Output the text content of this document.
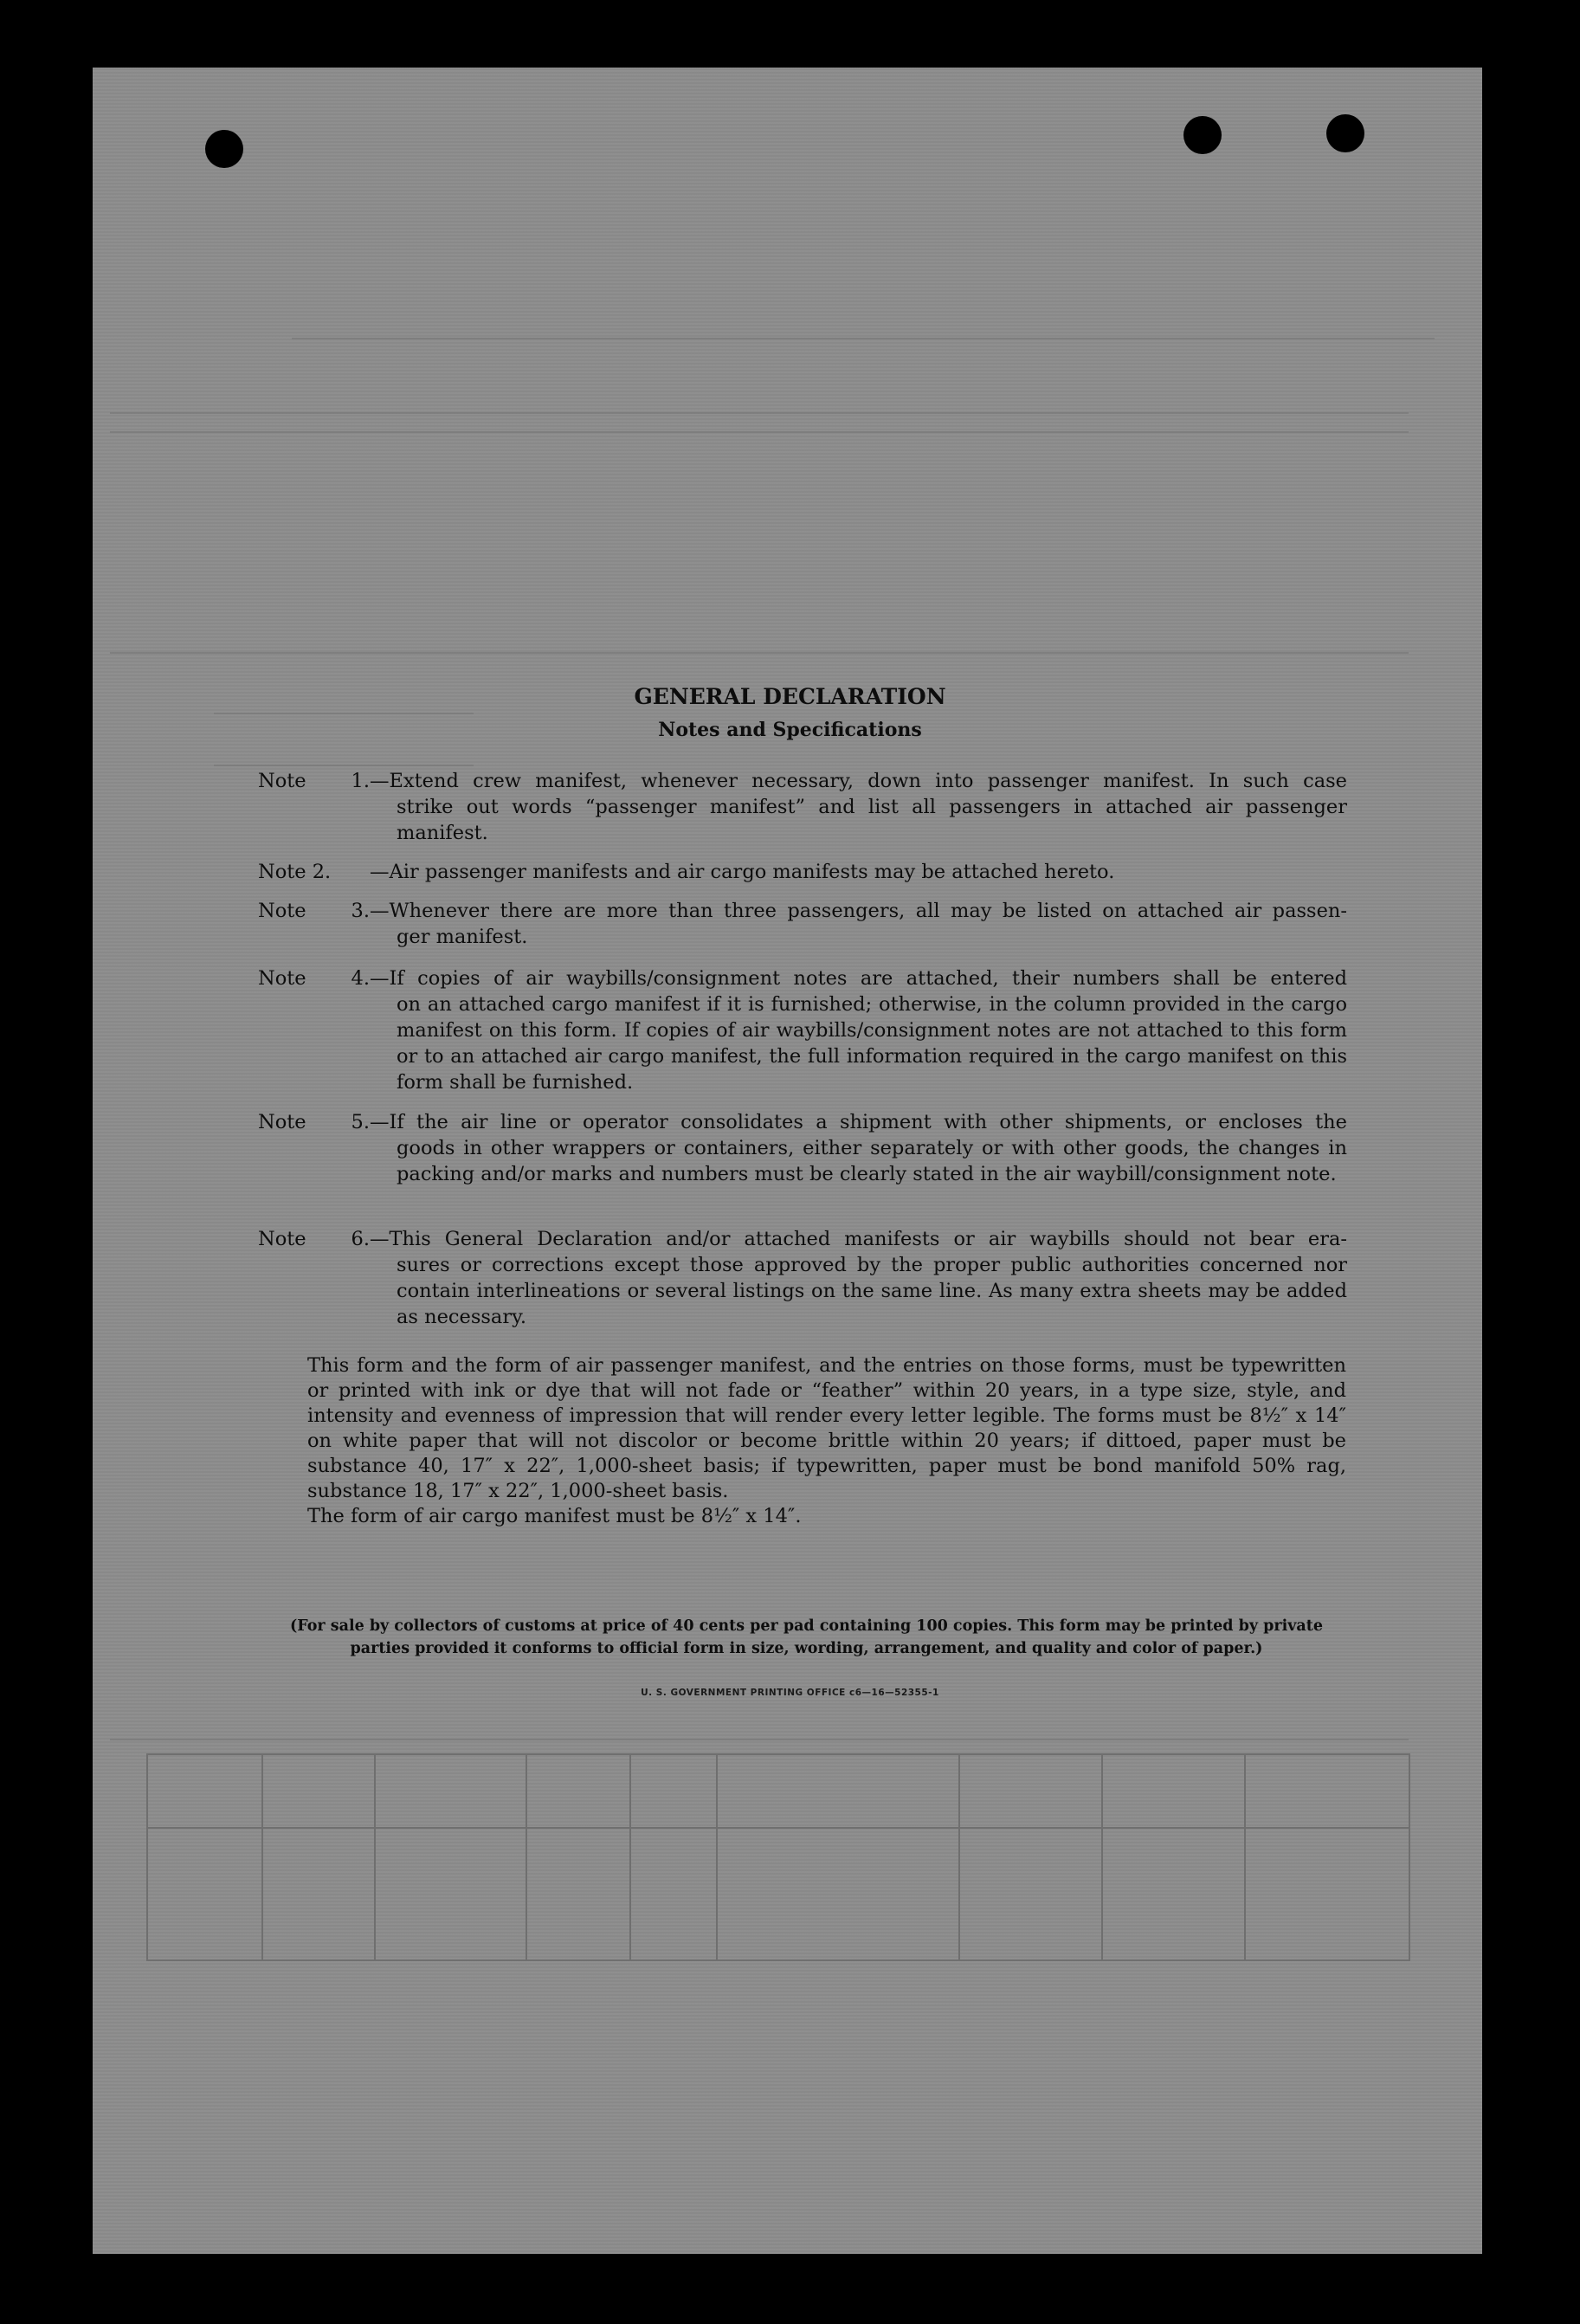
GENERAL DECLARATION
Notes and Specifications
Note 1.—Extend crew manifest, whenever necessary, down into passenger manifest. In such case
strike out words “passenger manifest” and list all passengers in attached air passenger manifest.
Note 2. —Air passenger manifests and air cargo manifests may be attached hereto.
Note 3.—Whenever there are more than three passengers, all may be listed on attached air passen-
ger manifest.
Note 4.—If copies of air waybills/consignment notes are attached, their numbers shall be entered
on an attached cargo manifest if it is furnished; otherwise, in the column provided in the cargo manifest on this form. If copies of air waybills/consignment notes are not attached to this form or to an attached air cargo manifest, the full information required in the cargo manifest on this form shall be furnished.
Note 5.—If the air line or operator consolidates a shipment with other shipments, or encloses the
goods in other wrappers or containers, either separately or with other goods, the changes in packing and/or marks and numbers must be clearly stated in the air waybill/consignment note.
Note 6.—This General Declaration and/or attached manifests or air waybills should not bear era-
sures or corrections except those approved by the proper public authorities concerned nor contain interlineations or several listings on the same line. As many extra sheets may be added as necessary.
This form and the form of air passenger manifest, and the entries on those forms, must be typewritten or printed with ink or dye that will not fade or “feather” within 20 years, in a type size, style, and intensity and evenness of impression that will render every letter legible. The forms must be 8½″ x 14″ on white paper that will not discolor or become brittle within 20 years; if dittoed, paper must be substance 40, 17″ x 22″, 1,000-sheet basis; if typewritten, paper must be bond manifold 50% rag, substance 18, 17″ x 22″, 1,000-sheet basis.
The form of air cargo manifest must be 8½″ x 14″.
(For sale by collectors of customs at price of 40 cents per pad containing 100 copies. This form may be printed by private parties provided it conforms to official form in size, wording, arrangement, and quality and color of paper.)
U. S. GOVERNMENT PRINTING OFFICE c6—16—52355-1
